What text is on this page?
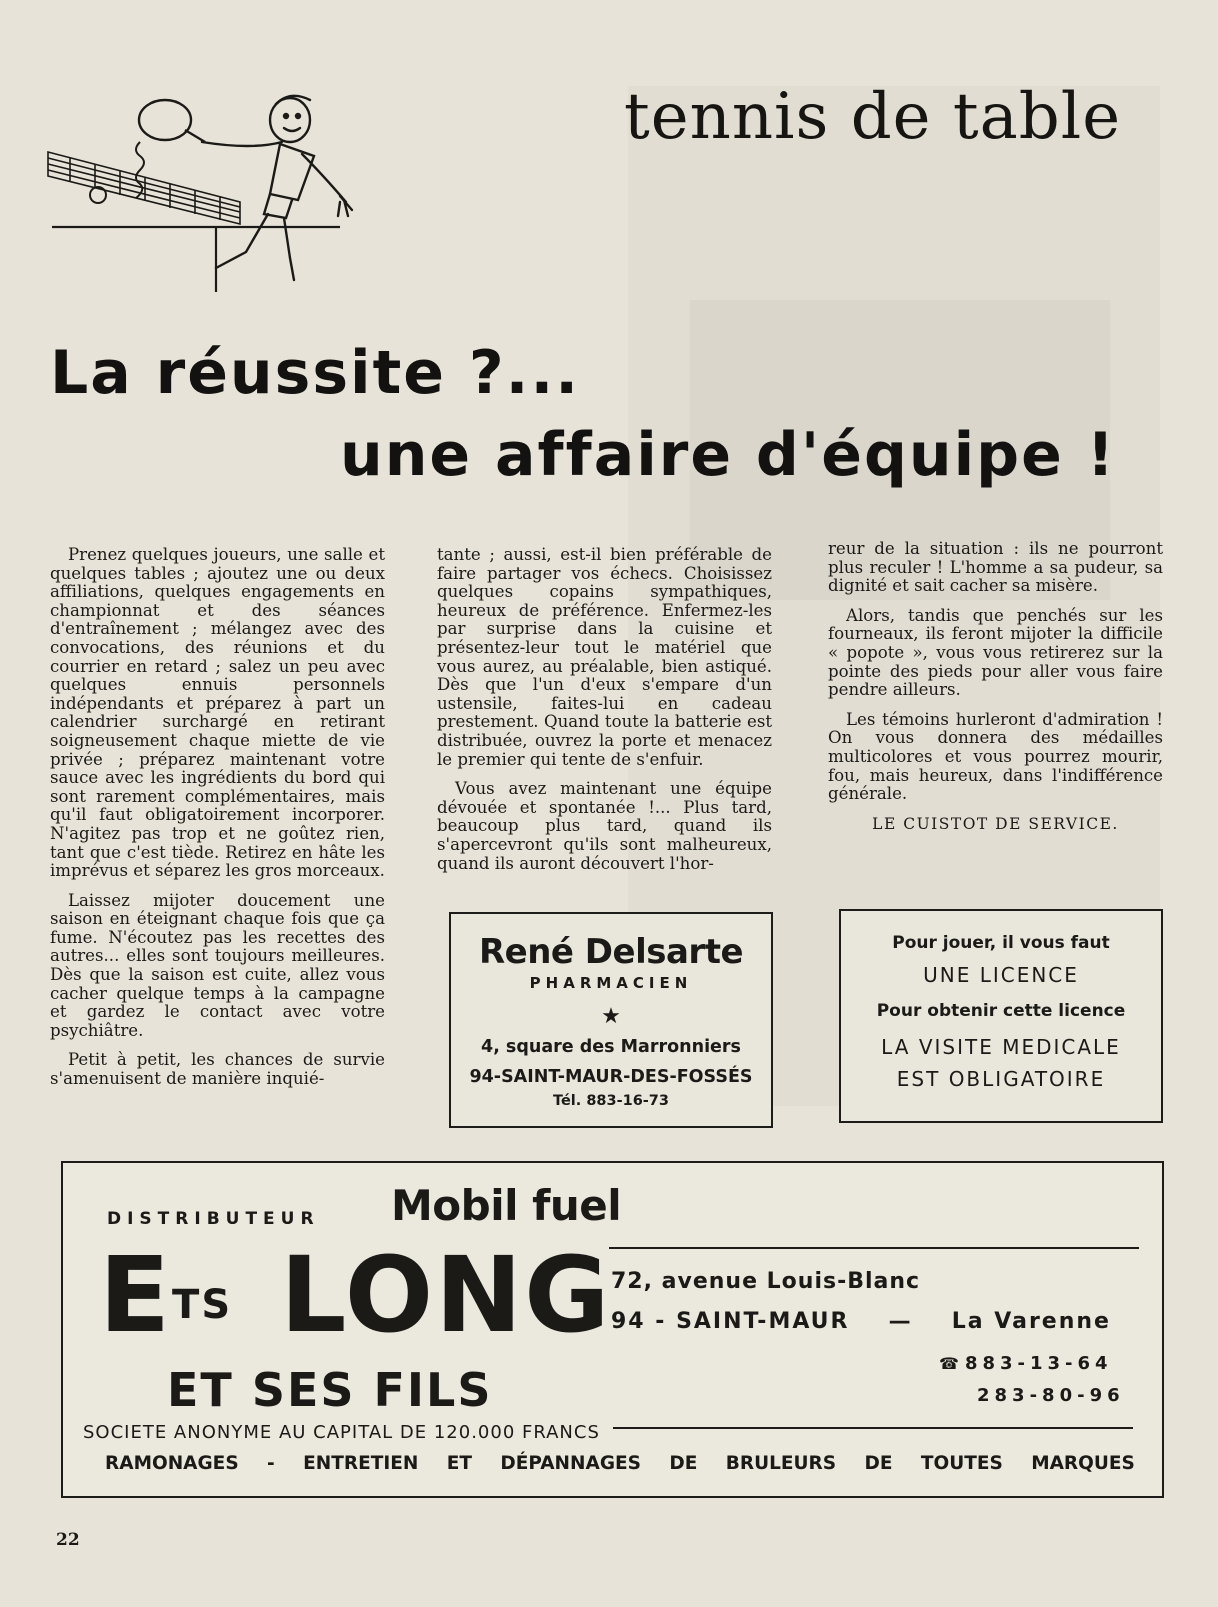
tennis de table
La réussite ?...
une affaire d'équipe !

Prenez quelques joueurs, une salle et quelques tables ; ajoutez une ou deux affiliations, quelques engagements en championnat et des séances d'entraînement ; mélangez avec des convocations, des réunions et du courrier en retard ; salez un peu avec quelques ennuis personnels indépendants et préparez à part un calendrier surchargé en retirant soigneusement chaque miette de vie privée ; préparez maintenant votre sauce avec les ingrédients du bord qui sont rarement complémentaires, mais qu'il faut obligatoirement incorporer. N'agitez pas trop et ne goûtez rien, tant que c'est tiède. Retirez en hâte les imprévus et séparez les gros morceaux.

Laissez mijoter doucement une saison en éteignant chaque fois que ça fume. N'écoutez pas les recettes des autres... elles sont toujours meilleures. Dès que la saison est cuite, allez vous cacher quelque temps à la campagne et gardez le contact avec votre psychiâtre.

Petit à petit, les chances de survie s'amenuisent de manière inquié-

tante ; aussi, est-il bien préférable de faire partager vos échecs. Choisissez quelques copains sympathiques, heureux de préférence. Enfermez-les par surprise dans la cuisine et présentez-leur tout le matériel que vous aurez, au préalable, bien astiqué. Dès que l'un d'eux s'empare d'un ustensile, faites-lui en cadeau prestement. Quand toute la batterie est distribuée, ouvrez la porte et menacez le premier qui tente de s'enfuir.

Vous avez maintenant une équipe dévouée et spontanée !... Plus tard, beaucoup plus tard, quand ils s'apercevront qu'ils sont malheureux, quand ils auront découvert l'hor-

reur de la situation : ils ne pourront plus reculer ! L'homme a sa pudeur, sa dignité et sait cacher sa misère.

Alors, tandis que penchés sur les fourneaux, ils feront mijoter la difficile « popote », vous vous retirerez sur la pointe des pieds pour aller vous faire pendre ailleurs.

Les témoins hurleront d'admiration ! On vous donnera des médailles multicolores et vous pourrez mourir, fou, mais heureux, dans l'indifférence générale.

LE CUISTOT DE SERVICE.
René Delsarte
PHARMACIEN
★
4, square des Marronniers
94-SAINT-MAUR-DES-FOSSÉS
Tél. 883-16-73
Pour jouer, il vous faut
UNE LICENCE
Pour obtenir cette licence
LA VISITE MEDICALE
EST OBLIGATOIRE
DISTRIBUTEUR Mobil fuel
$E^{TS}$ LONG
ET SES FILS
72, avenue Louis-Blanc
94 - SAINT-MAUR — La Varenne
☎ 883-13-64
283-80-96
SOCIETE ANONYME AU CAPITAL DE 120.000 FRANCS
RAMONAGES - ENTRETIEN ET DÉPANNAGES DE BRULEURS DE TOUTES MARQUES
22
